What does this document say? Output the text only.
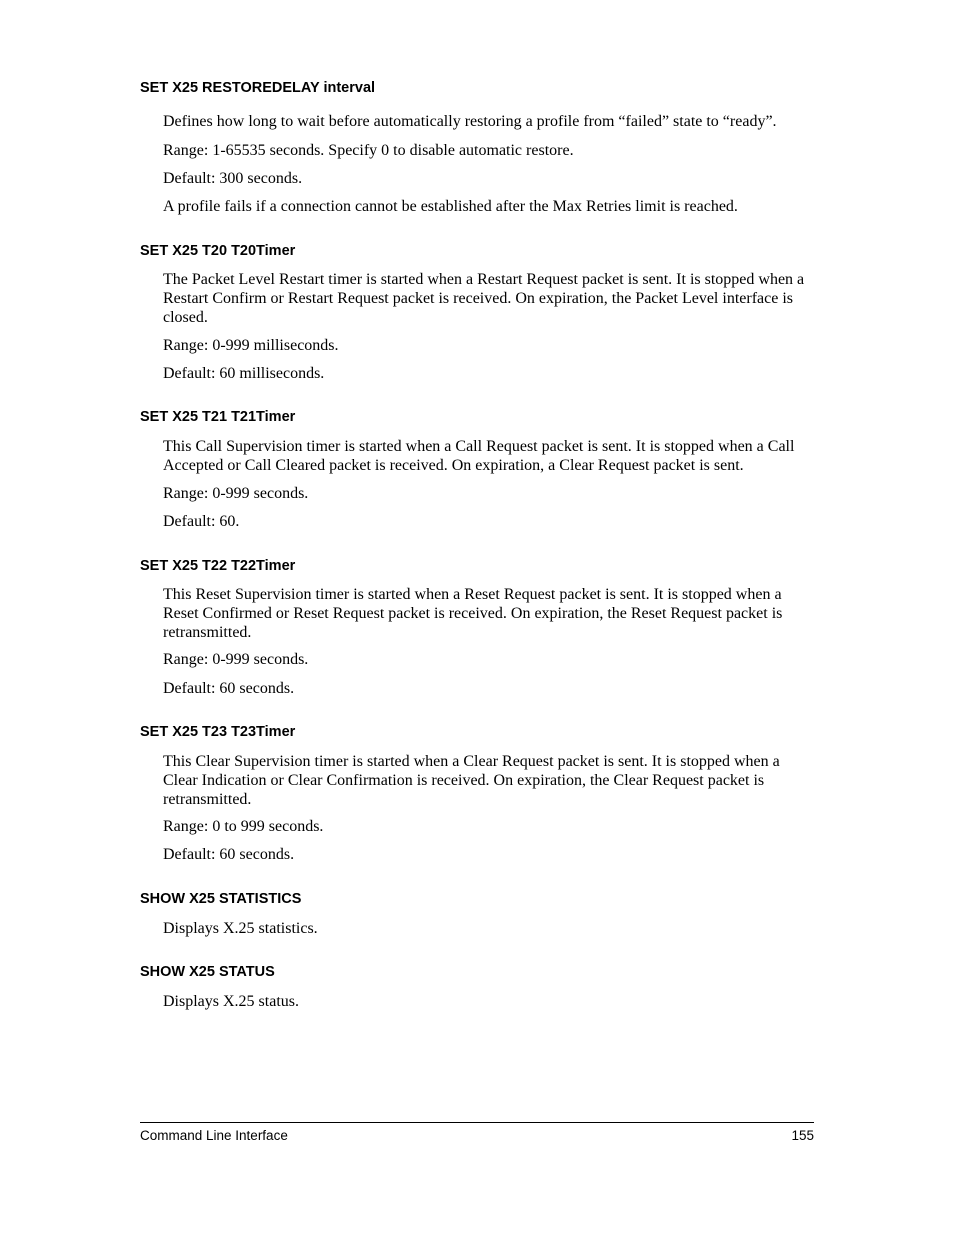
SET X25 RESTOREDELAY interval

Defines how long to wait before automatically restoring a profile from “failed” state to “ready”.

Range: 1-65535 seconds. Specify 0 to disable automatic restore.

Default: 300 seconds.

A profile fails if a connection cannot be established after the Max Retries limit is reached.

SET X25 T20 T20Timer

The Packet Level Restart timer is started when a Restart Request packet is sent. It is stopped when a Restart Confirm or Restart Request packet is received. On expiration, the Packet Level interface is closed.

Range: 0-999 milliseconds.

Default: 60 milliseconds.

SET X25 T21 T21Timer

This Call Supervision timer is started when a Call Request packet is sent. It is stopped when a Call Accepted or Call Cleared packet is received. On expiration, a Clear Request packet is sent.

Range: 0-999 seconds.

Default: 60.

SET X25 T22 T22Timer

This Reset Supervision timer is started when a Reset Request packet is sent. It is stopped when a Reset Confirmed or Reset Request packet is received. On expiration, the Reset Request packet is retransmitted.

Range: 0-999 seconds.

Default: 60 seconds.

SET X25 T23 T23Timer

This Clear Supervision timer is started when a Clear Request packet is sent. It is stopped when a Clear Indication or Clear Confirmation is received. On expiration, the Clear Request packet is retransmitted.

Range: 0 to 999 seconds.

Default: 60 seconds.

SHOW X25 STATISTICS

Displays X.25 statistics.

SHOW X25 STATUS

Displays X.25 status.

Command Line Interface	155
